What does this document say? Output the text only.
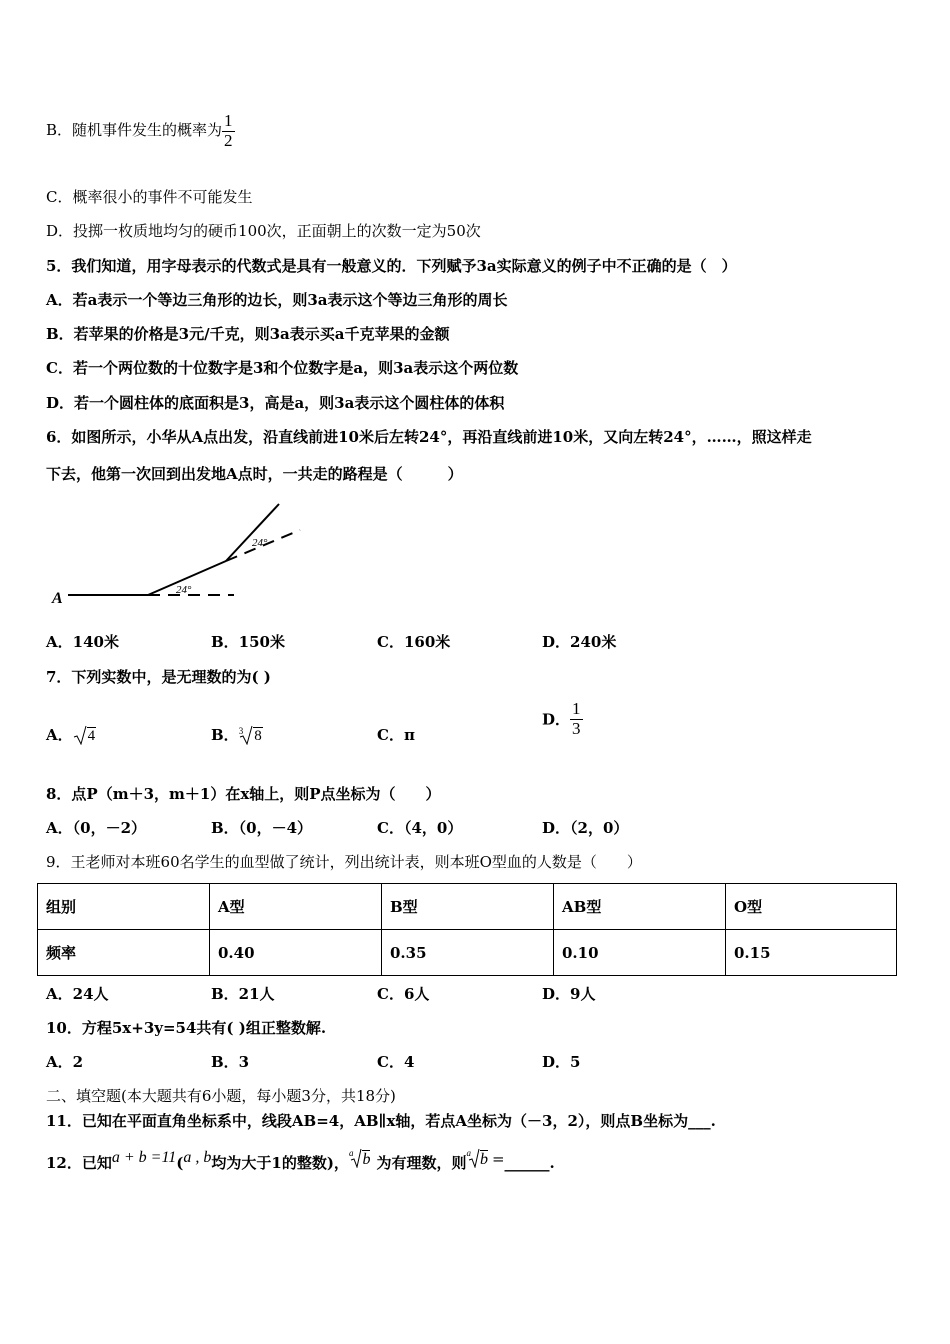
B．随机事件发生的概率为 $\frac{1}{2}$
C．概率很小的事件不可能发生
D．投掷一枚质地均匀的硬币100次，正面朝上的次数一定为50次
5．我们知道，用字母表示的代数式是具有一般意义的．下列赋予3a实际意义的例子中不正确的是（　）
A．若a表示一个等边三角形的边长，则3a表示这个等边三角形的周长
B．若苹果的价格是3元/千克，则3a表示买a千克苹果的金额
C．若一个两位数的十位数字是3和个位数字是a，则3a表示这个两位数
D．若一个圆柱体的底面积是3，高是a，则3a表示这个圆柱体的体积
6．如图所示，小华从A点出发，沿直线前进10米后左转24°，再沿直线前进10米，又向左转24°，……，照这样走
下去，他第一次回到出发地A点时，一共走的路程是（　　　）
A	24°
24°
A．140米	B．150米	C．160米	D．240米
7．下列实数中，是无理数的为( )
A． 4	B．$^3$ 8	C．π
D． $\frac{1}{3}$
8．点P（m＋3，m＋1）在x轴上，则P点坐标为（　　）
A．（0，－2）	B．（0，－4）	C．（4，0）	D．（2，0）
9．王老师对本班60名学生的血型做了统计，列出统计表，则本班O型血的人数是（　　）
组别	A型	B型	AB型	O型
频率	0.40	0.35	0.10	0.15
A．24人	B．21人	C．6人	D．9人
10．方程5x+3y=54共有( )组正整数解.
A．2	B．3	C．4	D．5
二、填空题(本大题共有6小题，每小题3分，共18分)
11．已知在平面直角坐标系中，线段AB=4，AB∥x轴，若点A坐标为（－3，2），则点B坐标为___.
12．已知a + b =11(a , b均为大于1的整数)，$^a$ b 为有理数，则$^a$ b =______.
